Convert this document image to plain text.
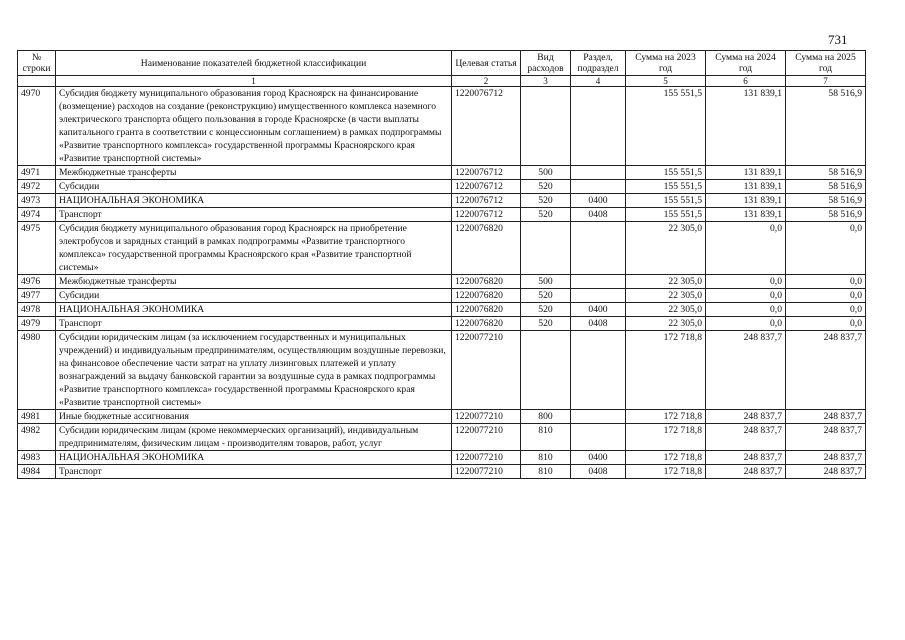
731
№ строки	Наименование показателей бюджетной классификации	Целевая статья	Вид расходов	Раздел, подраздел	Сумма на 2023 год	Сумма на 2024 год	Сумма на 2025 год
	1	2	3	4	5	6	7
4970	Субсидия бюджету муниципального образования город Красноярск на финансирование (возмещение) расходов на создание (реконструкцию) имущественного комплекса наземного электрического транспорта общего пользования в городе Красноярске (в части выплаты капитального гранта в соответствии с концессионным соглашением) в рамках подпрограммы «Развитие транспортного комплекса» государственной программы Красноярского края «Развитие транспортной системы»	1220076712			155 551,5	131 839,1	58 516,9
4971	Межбюджетные трансферты	1220076712	500		155 551,5	131 839,1	58 516,9
4972	Субсидии	1220076712	520		155 551,5	131 839,1	58 516,9
4973	НАЦИОНАЛЬНАЯ ЭКОНОМИКА	1220076712	520	0400	155 551,5	131 839,1	58 516,9
4974	Транспорт	1220076712	520	0408	155 551,5	131 839,1	58 516,9
4975	Субсидия бюджету муниципального образования город Красноярск на приобретение электробусов и зарядных станций в рамках подпрограммы «Развитие транспортного комплекса» государственной программы Красноярского края «Развитие транспортной системы»	1220076820			22 305,0	0,0	0,0
4976	Межбюджетные трансферты	1220076820	500		22 305,0	0,0	0,0
4977	Субсидии	1220076820	520		22 305,0	0,0	0,0
4978	НАЦИОНАЛЬНАЯ ЭКОНОМИКА	1220076820	520	0400	22 305,0	0,0	0,0
4979	Транспорт	1220076820	520	0408	22 305,0	0,0	0,0
4980	Субсидии юридическим лицам (за исключением государственных и муниципальных учреждений) и индивидуальным предпринимателям, осуществляющим воздушные перевозки, на финансовое обеспечение части затрат на уплату лизинговых платежей и уплату вознаграждений за выдачу банковской гарантии за воздушные суда в рамках подпрограммы «Развитие транспортного комплекса» государственной программы Красноярского края «Развитие транспортной системы»	1220077210			172 718,8	248 837,7	248 837,7
4981	Иные бюджетные ассигнования	1220077210	800		172 718,8	248 837,7	248 837,7
4982	Субсидии юридическим лицам (кроме некоммерческих организаций), индивидуальным предпринимателям, физическим лицам - производителям товаров, работ, услуг	1220077210	810		172 718,8	248 837,7	248 837,7
4983	НАЦИОНАЛЬНАЯ ЭКОНОМИКА	1220077210	810	0400	172 718,8	248 837,7	248 837,7
4984	Транспорт	1220077210	810	0408	172 718,8	248 837,7	248 837,7
